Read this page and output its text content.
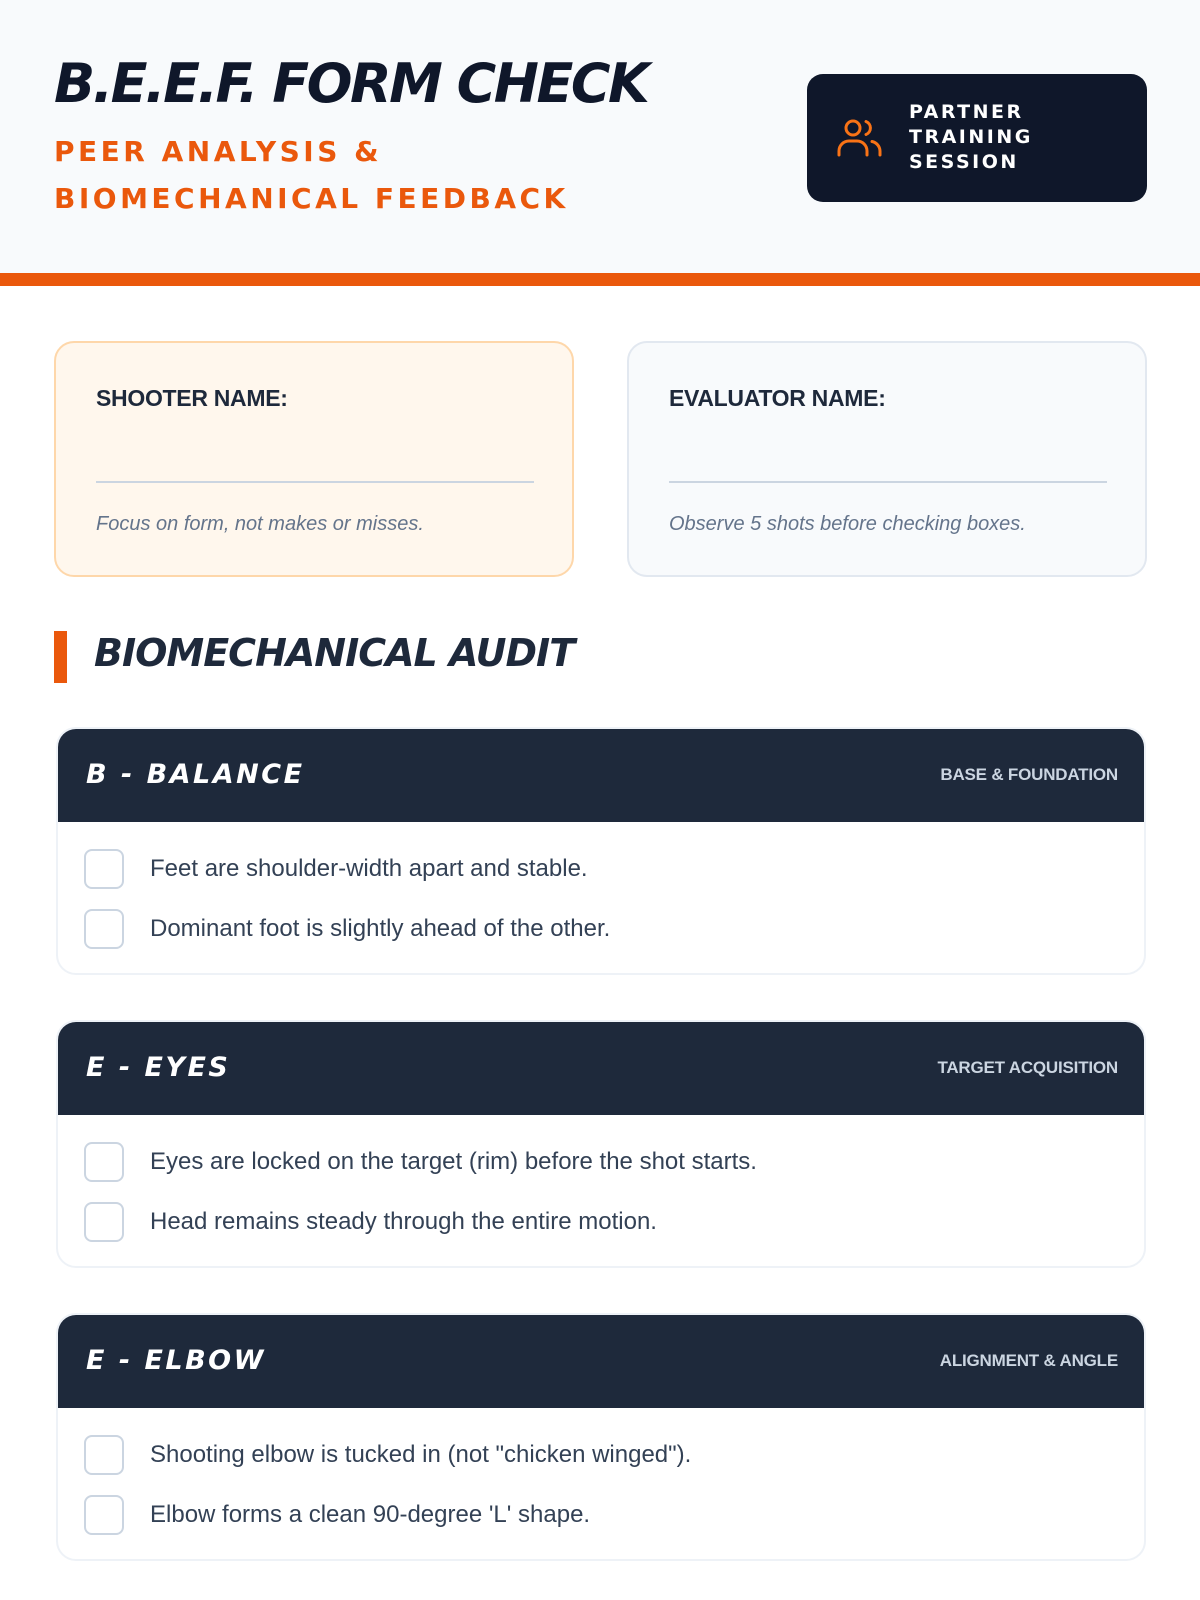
B.E.E.F. FORM CHECK
PEER ANALYSIS & BIOMECHANICAL FEEDBACK
PARTNER TRAINING SESSION
SHOOTER NAME:
Focus on form, not makes or misses.
EVALUATOR NAME:
Observe 5 shots before checking boxes.
BIOMECHANICAL AUDIT
B - BALANCE	BASE & FOUNDATION
Feet are shoulder-width apart and stable.
Dominant foot is slightly ahead of the other.
E - EYES	TARGET ACQUISITION
Eyes are locked on the target (rim) before the shot starts.
Head remains steady through the entire motion.
E - ELBOW	ALIGNMENT & ANGLE
Shooting elbow is tucked in (not "chicken winged").
Elbow forms a clean 90-degree 'L' shape.
